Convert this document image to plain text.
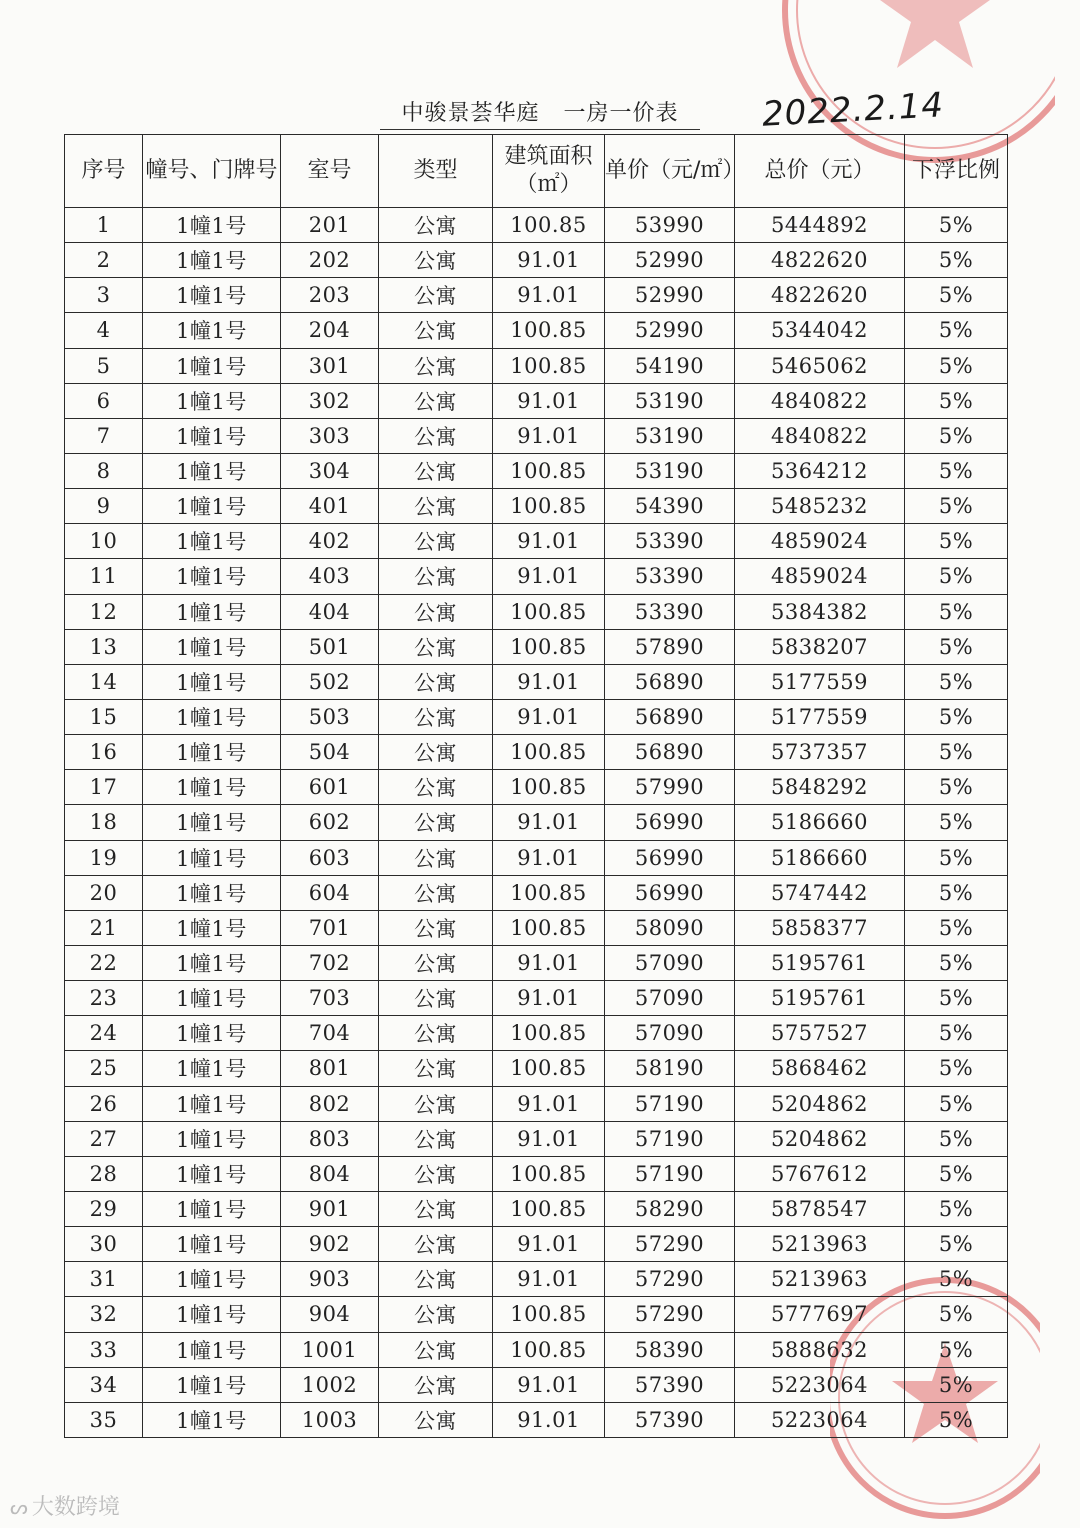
中骏景荟华庭 一房一价表	2022.2.14
序号	幢号、门牌号	室号	类型	建筑面积（㎡）	单价（元/㎡）	总价（元）	下浮比例
1	1幢1号	201	公寓	100.85	53990	5444892	5%
2	1幢1号	202	公寓	91.01	52990	4822620	5%
3	1幢1号	203	公寓	91.01	52990	4822620	5%
4	1幢1号	204	公寓	100.85	52990	5344042	5%
5	1幢1号	301	公寓	100.85	54190	5465062	5%
6	1幢1号	302	公寓	91.01	53190	4840822	5%
7	1幢1号	303	公寓	91.01	53190	4840822	5%
8	1幢1号	304	公寓	100.85	53190	5364212	5%
9	1幢1号	401	公寓	100.85	54390	5485232	5%
10	1幢1号	402	公寓	91.01	53390	4859024	5%
11	1幢1号	403	公寓	91.01	53390	4859024	5%
12	1幢1号	404	公寓	100.85	53390	5384382	5%
13	1幢1号	501	公寓	100.85	57890	5838207	5%
14	1幢1号	502	公寓	91.01	56890	5177559	5%
15	1幢1号	503	公寓	91.01	56890	5177559	5%
16	1幢1号	504	公寓	100.85	56890	5737357	5%
17	1幢1号	601	公寓	100.85	57990	5848292	5%
18	1幢1号	602	公寓	91.01	56990	5186660	5%
19	1幢1号	603	公寓	91.01	56990	5186660	5%
20	1幢1号	604	公寓	100.85	56990	5747442	5%
21	1幢1号	701	公寓	100.85	58090	5858377	5%
22	1幢1号	702	公寓	91.01	57090	5195761	5%
23	1幢1号	703	公寓	91.01	57090	5195761	5%
24	1幢1号	704	公寓	100.85	57090	5757527	5%
25	1幢1号	801	公寓	100.85	58190	5868462	5%
26	1幢1号	802	公寓	91.01	57190	5204862	5%
27	1幢1号	803	公寓	91.01	57190	5204862	5%
28	1幢1号	804	公寓	100.85	57190	5767612	5%
29	1幢1号	901	公寓	100.85	58290	5878547	5%
30	1幢1号	902	公寓	91.01	57290	5213963	5%
31	1幢1号	903	公寓	91.01	57290	5213963	5%
32	1幢1号	904	公寓	100.85	57290	5777697	5%
33	1幢1号	1001	公寓	100.85	58390	5888632	5%
34	1幢1号	1002	公寓	91.01	57390	5223064	5%
35	1幢1号	1003	公寓	91.01	57390	5223064	5%
ᔕ 大数跨境
